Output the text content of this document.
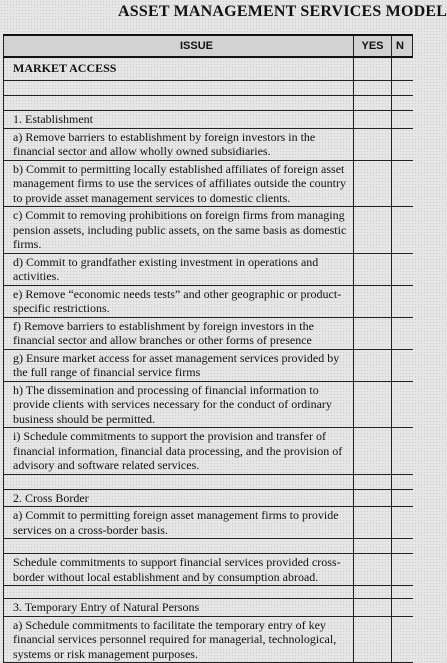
ASSET MANAGEMENT SERVICES MODEL
ISSUE	YES	N
MARKET ACCESS
1. Establishment
a) Remove barriers to establishment by foreign investors in the financial sector and allow wholly owned subsidiaries.
b) Commit to permitting locally established affiliates of foreign asset management firms to use the services of affiliates outside the country to provide asset management services to domestic clients.
c) Commit to removing prohibitions on foreign firms from managing pension assets, including public assets, on the same basis as domestic firms.
d) Commit to grandfather existing investment in operations and activities.
e) Remove “economic needs tests” and other geographic or product-specific restrictions.
f) Remove barriers to establishment by foreign investors in the financial sector and allow branches or other forms of presence
g) Ensure market access for asset management services provided by the full range of financial service firms
h) The dissemination and processing of financial information to provide clients with services necessary for the conduct of ordinary business should be permitted.
i) Schedule commitments to support the provision and transfer of financial information, financial data processing, and the provision of advisory and software related services.
2. Cross Border
a) Commit to permitting foreign asset management firms to provide services on a cross-border basis.
Schedule commitments to support financial services provided cross-border without local establishment and by consumption abroad.
3. Temporary Entry of Natural Persons
a) Schedule commitments to facilitate the temporary entry of key financial services personnel required for managerial, technological, systems or risk management purposes.
